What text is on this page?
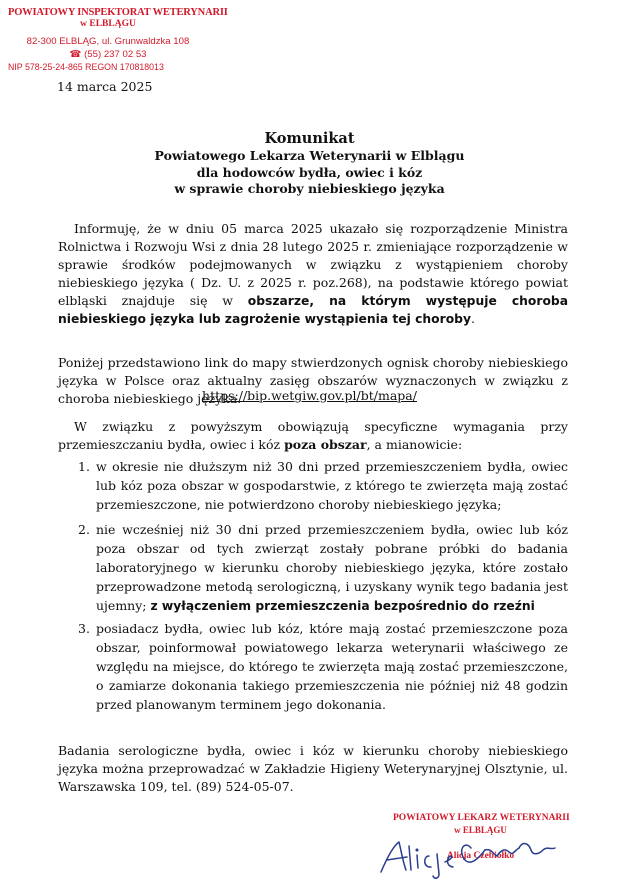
POWIATOWY INSPEKTORAT WETERYNARII
w ELBLĄGU
82-300 ELBLĄG, ul. Grunwaldzka 108
☎ (55) 237 02 53
NIP 578-25-24-865 REGON 170818013
14 marca 2025
Komunikat
Powiatowego Lekarza Weterynarii w Elblągu
dla hodowców bydła, owiec i kóz
w sprawie choroby niebieskiego języka
Informuję, że w dniu 05 marca 2025 ukazało się rozporządzenie Ministra Rolnictwa i Rozwoju Wsi z dnia 28 lutego 2025 r. zmieniające rozporządzenie w sprawie środków podejmowanych w związku z wystąpieniem choroby niebieskiego języka ( Dz. U. z 2025 r. poz.268), na podstawie którego powiat elbląski znajduje się w obszarze, na którym występuje choroba niebieskiego języka lub zagrożenie wystąpienia tej choroby.
Poniżej przedstawiono link do mapy stwierdzonych ognisk choroby niebieskiego języka w Polsce oraz aktualny zasięg obszarów wyznaczonych w związku z choroba niebieskiego języka.
https://bip.wetgiw.gov.pl/bt/mapa/
W związku z powyższym obowiązują specyficzne wymagania przy przemieszczaniu bydła, owiec i kóz poza obszar, a mianowicie:
1. w okresie nie dłuższym niż 30 dni przed przemieszczeniem bydła, owiec lub kóz poza obszar w gospodarstwie, z którego te zwierzęta mają zostać przemieszczone, nie potwierdzono choroby niebieskiego języka;
2. nie wcześniej niż 30 dni przed przemieszczeniem bydła, owiec lub kóz poza obszar od tych zwierząt zostały pobrane próbki do badania laboratoryjnego w kierunku choroby niebieskiego języka, które zostało przeprowadzone metodą serologiczną, i uzyskany wynik tego badania jest ujemny; z wyłączeniem przemieszczenia bezpośrednio do rzeźni
3. posiadacz bydła, owiec lub kóz, które mają zostać przemieszczone poza obszar, poinformował powiatowego lekarza weterynarii właściwego ze względu na miejsce, do którego te zwierzęta mają zostać przemieszczone, o zamiarze dokonania takiego przemieszczenia nie później niż 48 godzin przed planowanym terminem jego dokonania.
Badania serologiczne bydła, owiec i kóz w kierunku choroby niebieskiego języka można przeprowadzać w Zakładzie Higieny Weterynaryjnej Olsztynie, ul. Warszawska 109, tel. (89) 524-05-07.
POWIATOWY LEKARZ WETERYNARII
w ELBLĄGU
Alicja Czebiołko
